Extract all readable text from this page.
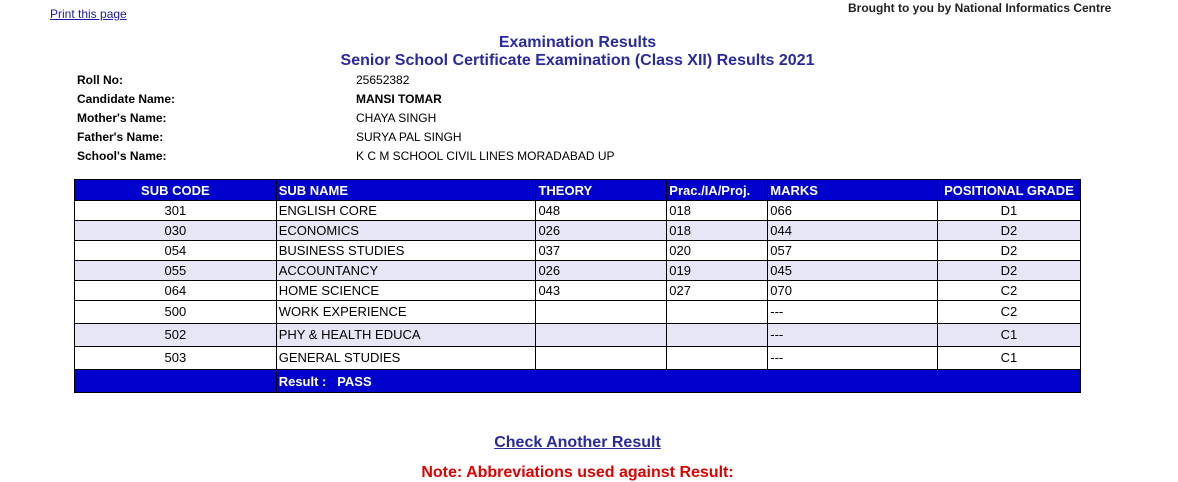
Print this page	Brought to you by National Informatics Centre
Examination Results
Senior School Certificate Examination (Class XII) Results 2021
Roll No:	25652382
Candidate Name:	MANSI TOMAR
Mother's Name:	CHAYA SINGH
Father's Name:	SURYA PAL SINGH
School's Name:	K C M SCHOOL CIVIL LINES MORADABAD UP
SUB CODE	SUB NAME	THEORY	Prac./IA/Proj.	MARKS	POSITIONAL GRADE
301	ENGLISH CORE	048	018	066	D1
030	ECONOMICS	026	018	044	D2
054	BUSINESS STUDIES	037	020	057	D2
055	ACCOUNTANCY	026	019	045	D2
064	HOME SCIENCE	043	027	070	C2
500	WORK EXPERIENCE			---	C2
502	PHY & HEALTH EDUCA			---	C1
503	GENERAL STUDIES			---	C1
	Result :   PASS				
Check Another Result
Note: Abbreviations used against Result:
